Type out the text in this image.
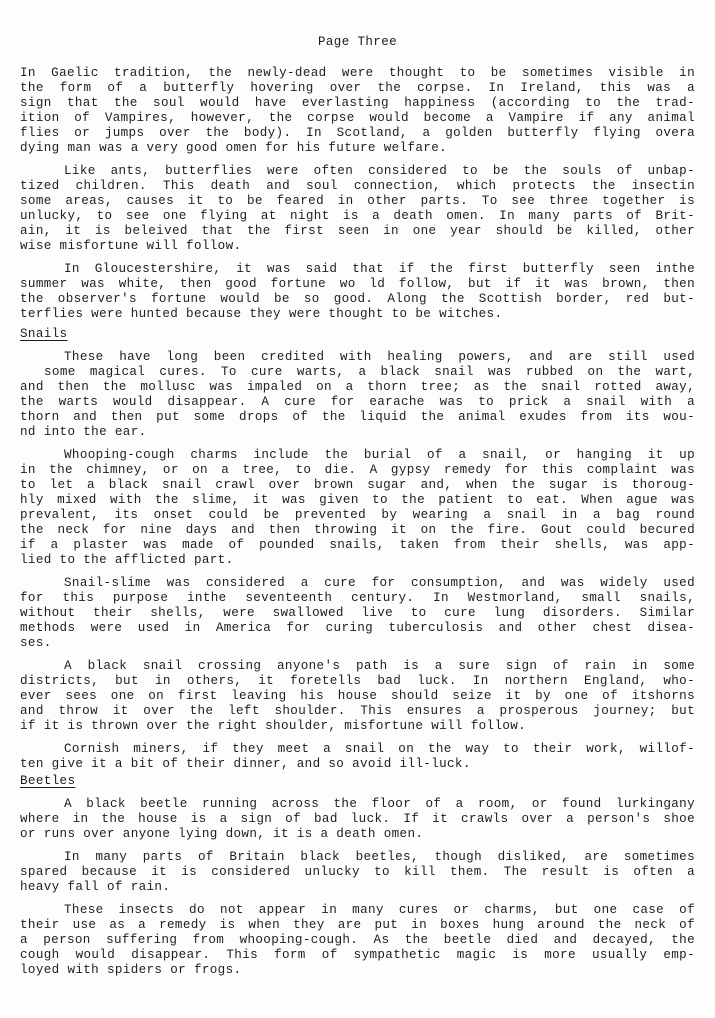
Page Three
In Gaelic tradition, the newly-dead were thought to be sometimes visible in
the form of a butterfly hovering over the corpse. In Ireland, this was a
sign that the soul would have everlasting happiness (according to the trad-
ition of Vampires, however, the corpse would become a Vampire if any animal
flies or jumps over the body). In Scotland, a golden butterfly flying overa
dying man was a very good omen for his future welfare.
Like ants, butterflies were often considered to be the souls of unbap-
tized children. This death and soul connection, which protects the insectin
some areas, causes it to be feared in other parts. To see three together is
unlucky, to see one flying at night is a death omen. In many parts of Brit-
ain, it is beleived that the first seen in one year should be killed, other
wise misfortune will follow.
In Gloucestershire, it was said that if the first butterfly seen inthe
summer was white, then good fortune wo ld follow, but if it was brown, then
the observer's fortune would be so good. Along the Scottish border, red but-
terflies were hunted because they were thought to be witches.
Snails
These have long been credited with healing powers, and are still used
some magical cures. To cure warts, a black snail was rubbed on the wart,
and then the mollusc was impaled on a thorn tree; as the snail rotted away,
the warts would disappear. A cure for earache was to prick a snail with a
thorn and then put some drops of the liquid the animal exudes from its wou-
nd into the ear.
Whooping-cough charms include the burial of a snail, or hanging it up
in the chimney, or on a tree, to die. A gypsy remedy for this complaint was
to let a black snail crawl over brown sugar and, when the sugar is thoroug-
hly mixed with the slime, it was given to the patient to eat. When ague was
prevalent, its onset could be prevented by wearing a snail in a bag round
the neck for nine days and then throwing it on the fire. Gout could becured
if a plaster was made of pounded snails, taken from their shells, was app-
lied to the afflicted part.
Snail-slime was considered a cure for consumption, and was widely used
for this purpose inthe seventeenth century. In Westmorland, small snails,
without their shells, were swallowed live to cure lung disorders. Similar
methods were used in America for curing tuberculosis and other chest disea-
ses.
A black snail crossing anyone's path is a sure sign of rain in some
districts, but in others, it foretells bad luck. In northern England, who-
ever sees one on first leaving his house should seize it by one of itshorns
and throw it over the left shoulder. This ensures a prosperous journey; but
if it is thrown over the right shoulder, misfortune will follow.
Cornish miners, if they meet a snail on the way to their work, willof-
ten give it a bit of their dinner, and so avoid ill-luck.
Beetles
A black beetle running across the floor of a room, or found lurkingany
where in the house is a sign of bad luck. If it crawls over a person's shoe
or runs over anyone lying down, it is a death omen.
In many parts of Britain black beetles, though disliked, are sometimes
spared because it is considered unlucky to kill them. The result is often a
heavy fall of rain.
These insects do not appear in many cures or charms, but one case of
their use as a remedy is when they are put in boxes hung around the neck of
a person suffering from whooping-cough. As the beetle died and decayed, the
cough would disappear. This form of sympathetic magic is more usually emp-
loyed with spiders or frogs.
